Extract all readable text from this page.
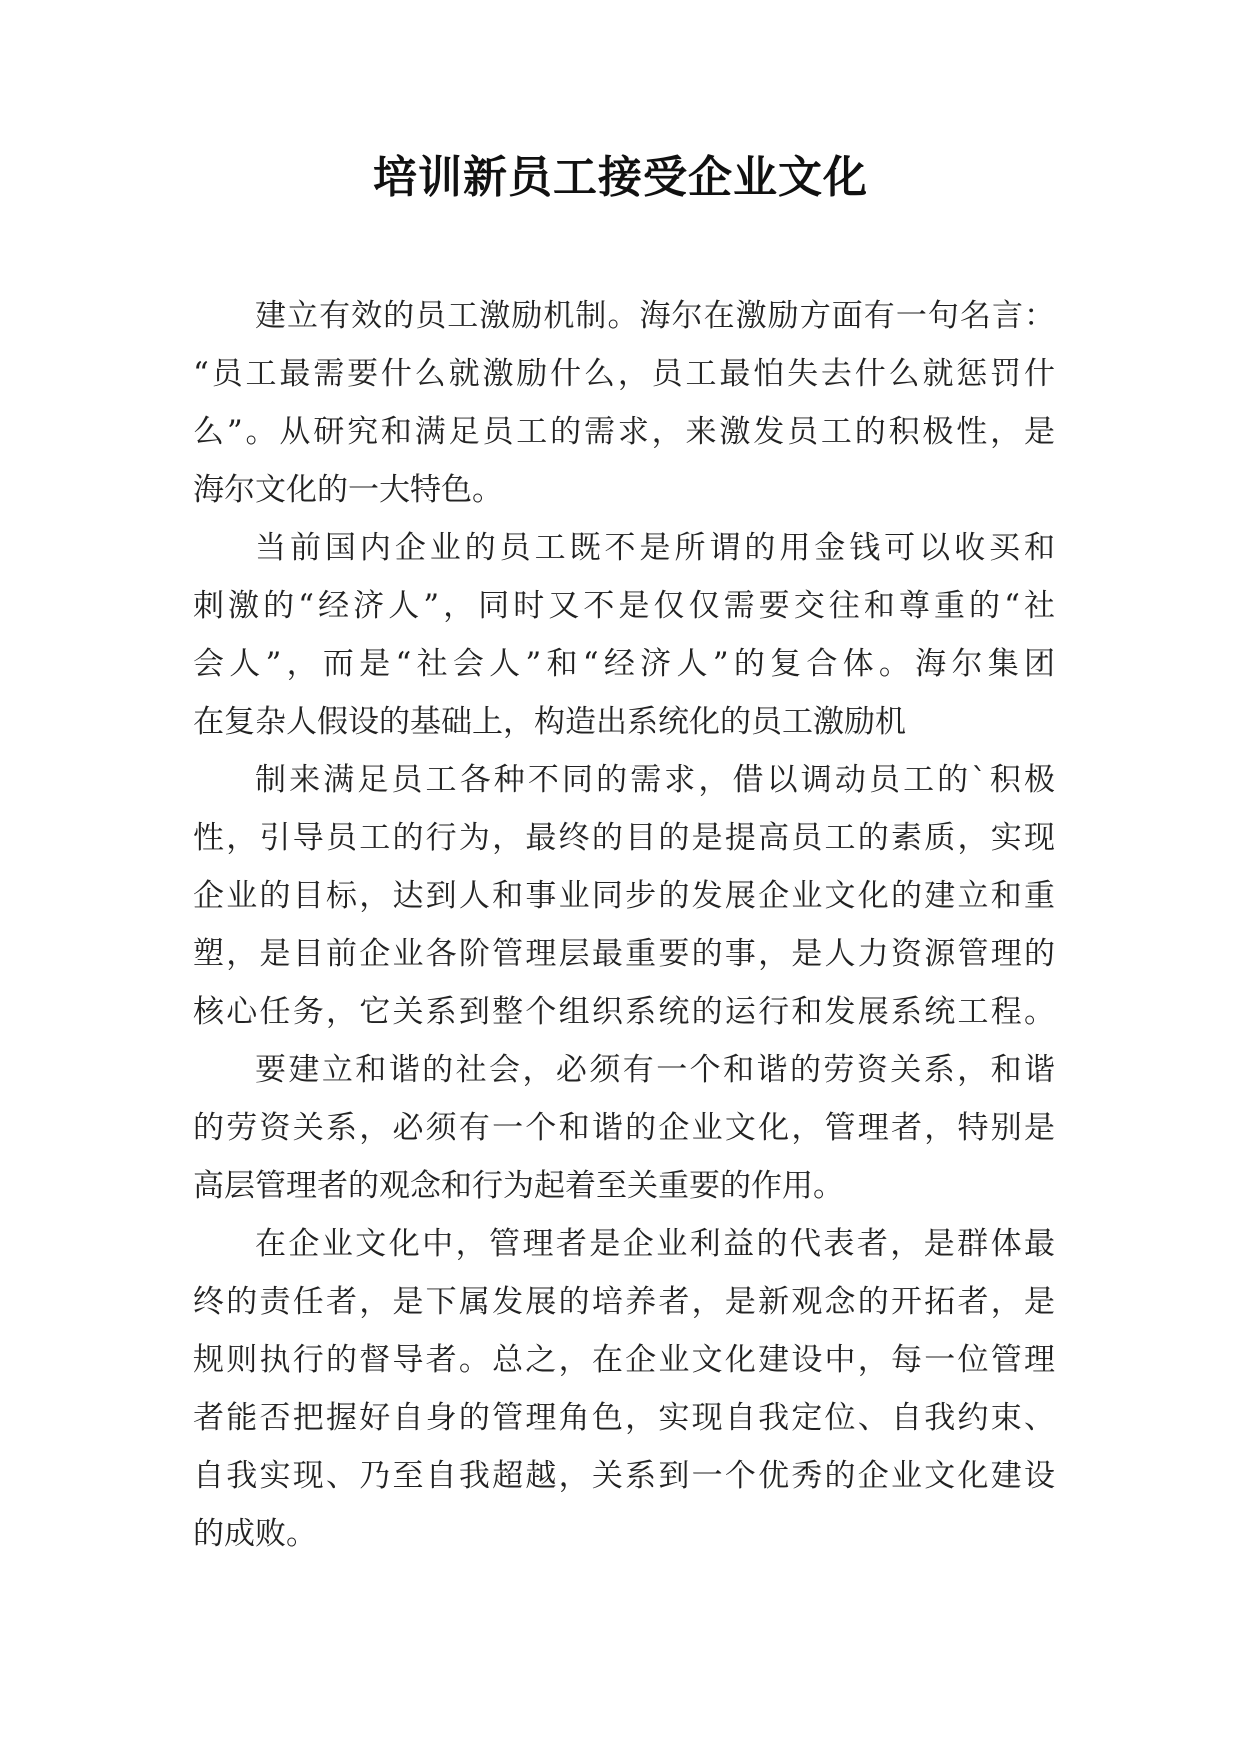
培训新员工接受企业文化

建立有效的员工激励机制。海尔在激励方面有一句名言：
“员工最需要什么就激励什么，员工最怕失去什么就惩罚什
么”。从研究和满足员工的需求，来激发员工的积极性，是
海尔文化的一大特色。

当前国内企业的员工既不是所谓的用金钱可以收买和
刺激的“经济人”，同时又不是仅仅需要交往和尊重的“社
会人”，而是“社会人”和“经济人”的复合体。海尔集团
在复杂人假设的基础上，构造出系统化的员工激励机

制来满足员工各种不同的需求，借以调动员工的`积极
性，引导员工的行为，最终的目的是提高员工的素质，实现
企业的目标，达到人和事业同步的发展企业文化的建立和重
塑，是目前企业各阶管理层最重要的事，是人力资源管理的
核心任务，它关系到整个组织系统的运行和发展系统工程。

要建立和谐的社会，必须有一个和谐的劳资关系，和谐
的劳资关系，必须有一个和谐的企业文化，管理者，特别是
高层管理者的观念和行为起着至关重要的作用。

在企业文化中，管理者是企业利益的代表者，是群体最
终的责任者，是下属发展的培养者，是新观念的开拓者，是
规则执行的督导者。总之，在企业文化建设中，每一位管理
者能否把握好自身的管理角色，实现自我定位、自我约束、
自我实现、乃至自我超越，关系到一个优秀的企业文化建设
的成败。
